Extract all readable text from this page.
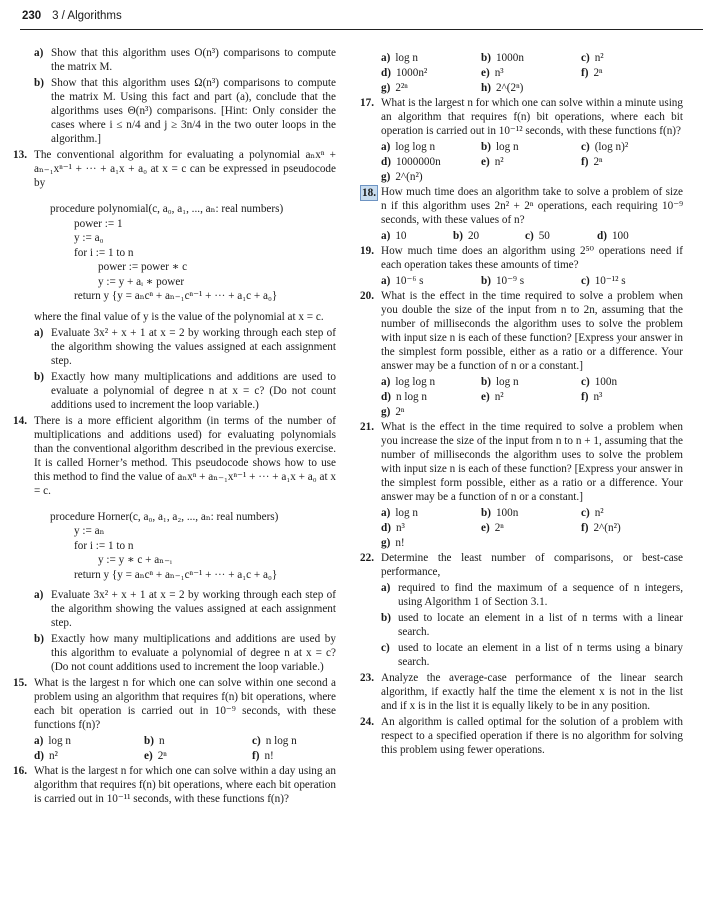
230 3 / Algorithms
a) Show that this algorithm uses O(n³) comparisons to compute the matrix M.
b) Show that this algorithm uses Ω(n³) comparisons to compute the matrix M. Using this fact and part (a), conclude that the algorithms uses Θ(n³) comparisons. [Hint: Only consider the cases where i ≤ n/4 and j ≥ 3n/4 in the two outer loops in the algorithm.]
13. The conventional algorithm for evaluating a polynomial aₙxⁿ + aₙ₋₁xⁿ⁻¹ + ··· + a₁x + a₀ at x = c can be expressed in pseudocode by
procedure polynomial(c, a₀, a₁, ..., aₙ: real numbers)
power := 1
y := a₀
for i := 1 to n
power := power ∗ c
y := y + aᵢ ∗ power
return y {y = aₙcⁿ + aₙ₋₁cⁿ⁻¹ + ··· + a₁c + a₀}
where the final value of y is the value of the polynomial at x = c.
a) Evaluate 3x² + x + 1 at x = 2 by working through each step of the algorithm showing the values assigned at each assignment step.
b) Exactly how many multiplications and additions are used to evaluate a polynomial of degree n at x = c? (Do not count additions used to increment the loop variable.)
14. There is a more efficient algorithm (in terms of the number of multiplications and additions used) for evaluating polynomials than the conventional algorithm described in the previous exercise. It is called Horner’s method. This pseudocode shows how to use this method to find the value of aₙxⁿ + aₙ₋₁xⁿ⁻¹ + ··· + a₁x + a₀ at x = c.
procedure Horner(c, a₀, a₁, a₂, ..., aₙ: real numbers)
y := aₙ
for i := 1 to n
y := y ∗ c + aₙ₋ᵢ
return y {y = aₙcⁿ + aₙ₋₁cⁿ⁻¹ + ··· + a₁c + a₀}
a) Evaluate 3x² + x + 1 at x = 2 by working through each step of the algorithm showing the values assigned at each assignment step.
b) Exactly how many multiplications and additions are used by this algorithm to evaluate a polynomial of degree n at x = c? (Do not count additions used to increment the loop variable.)
15. What is the largest n for which one can solve within one second a problem using an algorithm that requires f(n) bit operations, where each bit operation is carried out in 10⁻⁹ seconds, with these functions f(n)?
a) log n	b) n	c) n log n
d) n²	e) 2ⁿ	f) n!
16. What is the largest n for which one can solve within a day using an algorithm that requires f(n) bit operations, where each bit operation is carried out in 10⁻¹¹ seconds, with these functions f(n)?
a) log n	b) 1000n	c) n²
d) 1000n²	e) n³	f) 2ⁿ
g) 2²ⁿ	h) 2^(2ⁿ)
17. What is the largest n for which one can solve within a minute using an algorithm that requires f(n) bit operations, where each bit operation is carried out in 10⁻¹² seconds, with these functions f(n)?
a) log log n	b) log n	c) (log n)²
d) 1000000n	e) n²	f) 2ⁿ
g) 2^(n²)
18. How much time does an algorithm take to solve a problem of size n if this algorithm uses 2n² + 2ⁿ operations, each requiring 10⁻⁹ seconds, with these values of n?
a) 10	b) 20	c) 50	d) 100
19. How much time does an algorithm using 2⁵⁰ operations need if each operation takes these amounts of time?
a) 10⁻⁶ s	b) 10⁻⁹ s	c) 10⁻¹² s
20. What is the effect in the time required to solve a problem when you double the size of the input from n to 2n, assuming that the number of milliseconds the algorithm uses to solve the problem with input size n is each of these function? [Express your answer in the simplest form possible, either as a ratio or a difference. Your answer may be a function of n or a constant.]
a) log log n	b) log n	c) 100n
d) n log n	e) n²	f) n³
g) 2ⁿ
21. What is the effect in the time required to solve a problem when you increase the size of the input from n to n + 1, assuming that the number of milliseconds the algorithm uses to solve the problem with input size n is each of these function? [Express your answer in the simplest form possible, either as a ratio or a difference. Your answer may be a function of n or a constant.]
a) log n	b) 100n	c) n²
d) n³	e) 2ⁿ	f) 2^(n²)
g) n!
22. Determine the least number of comparisons, or best-case performance,
a) required to find the maximum of a sequence of n integers, using Algorithm 1 of Section 3.1.
b) used to locate an element in a list of n terms with a linear search.
c) used to locate an element in a list of n terms using a binary search.
23. Analyze the average-case performance of the linear search algorithm, if exactly half the time the element x is not in the list and if x is in the list it is equally likely to be in any position.
24. An algorithm is called optimal for the solution of a problem with respect to a specified operation if there is no algorithm for solving this problem using fewer operations.
